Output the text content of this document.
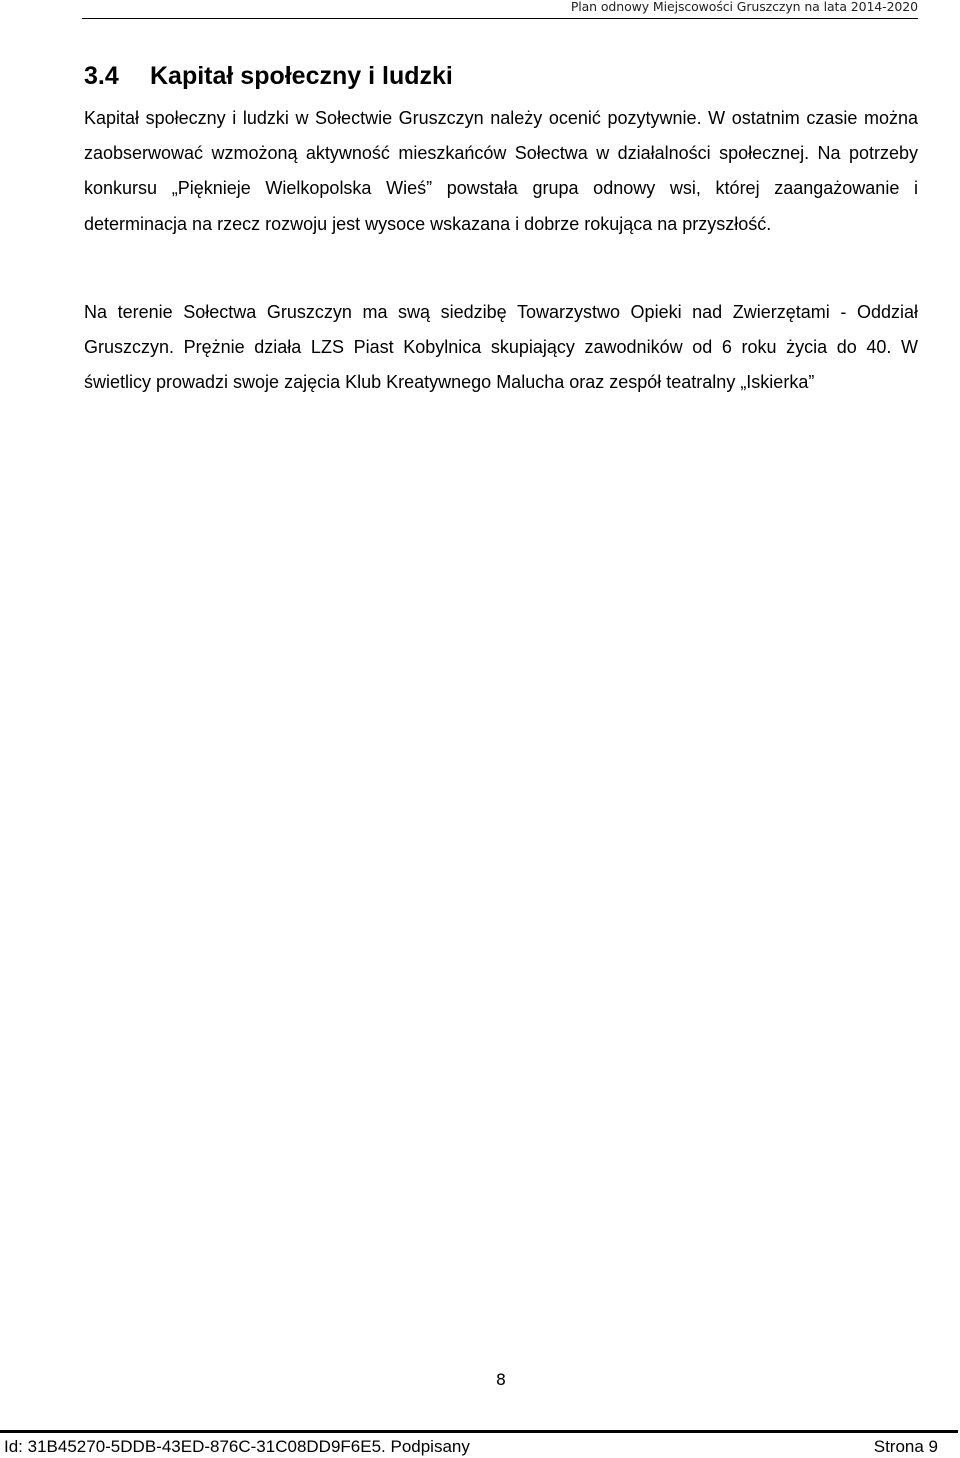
Plan odnowy Miejscowości Gruszczyn na lata 2014-2020
3.4 Kapitał społeczny i ludzki

Kapitał społeczny i ludzki w Sołectwie Gruszczyn należy ocenić pozytywnie. W ostatnim czasie można zaobserwować wzmożoną aktywność mieszkańców Sołectwa w działalności społecznej. Na potrzeby konkursu „Pięknieje Wielkopolska Wieś” powstała grupa odnowy wsi, której zaangażowanie i determinacja na rzecz rozwoju jest wysoce wskazana i dobrze rokująca na przyszłość.

Na terenie Sołectwa Gruszczyn ma swą siedzibę Towarzystwo Opieki nad Zwierzętami - Oddział Gruszczyn. Prężnie działa LZS Piast Kobylnica skupiający zawodników od 6 roku życia do 40. W świetlicy prowadzi swoje zajęcia Klub Kreatywnego Malucha oraz zespół teatralny „Iskierka”

8
Id: 31B45270-5DDB-43ED-876C-31C08DD9F6E5. Podpisany	Strona 9
